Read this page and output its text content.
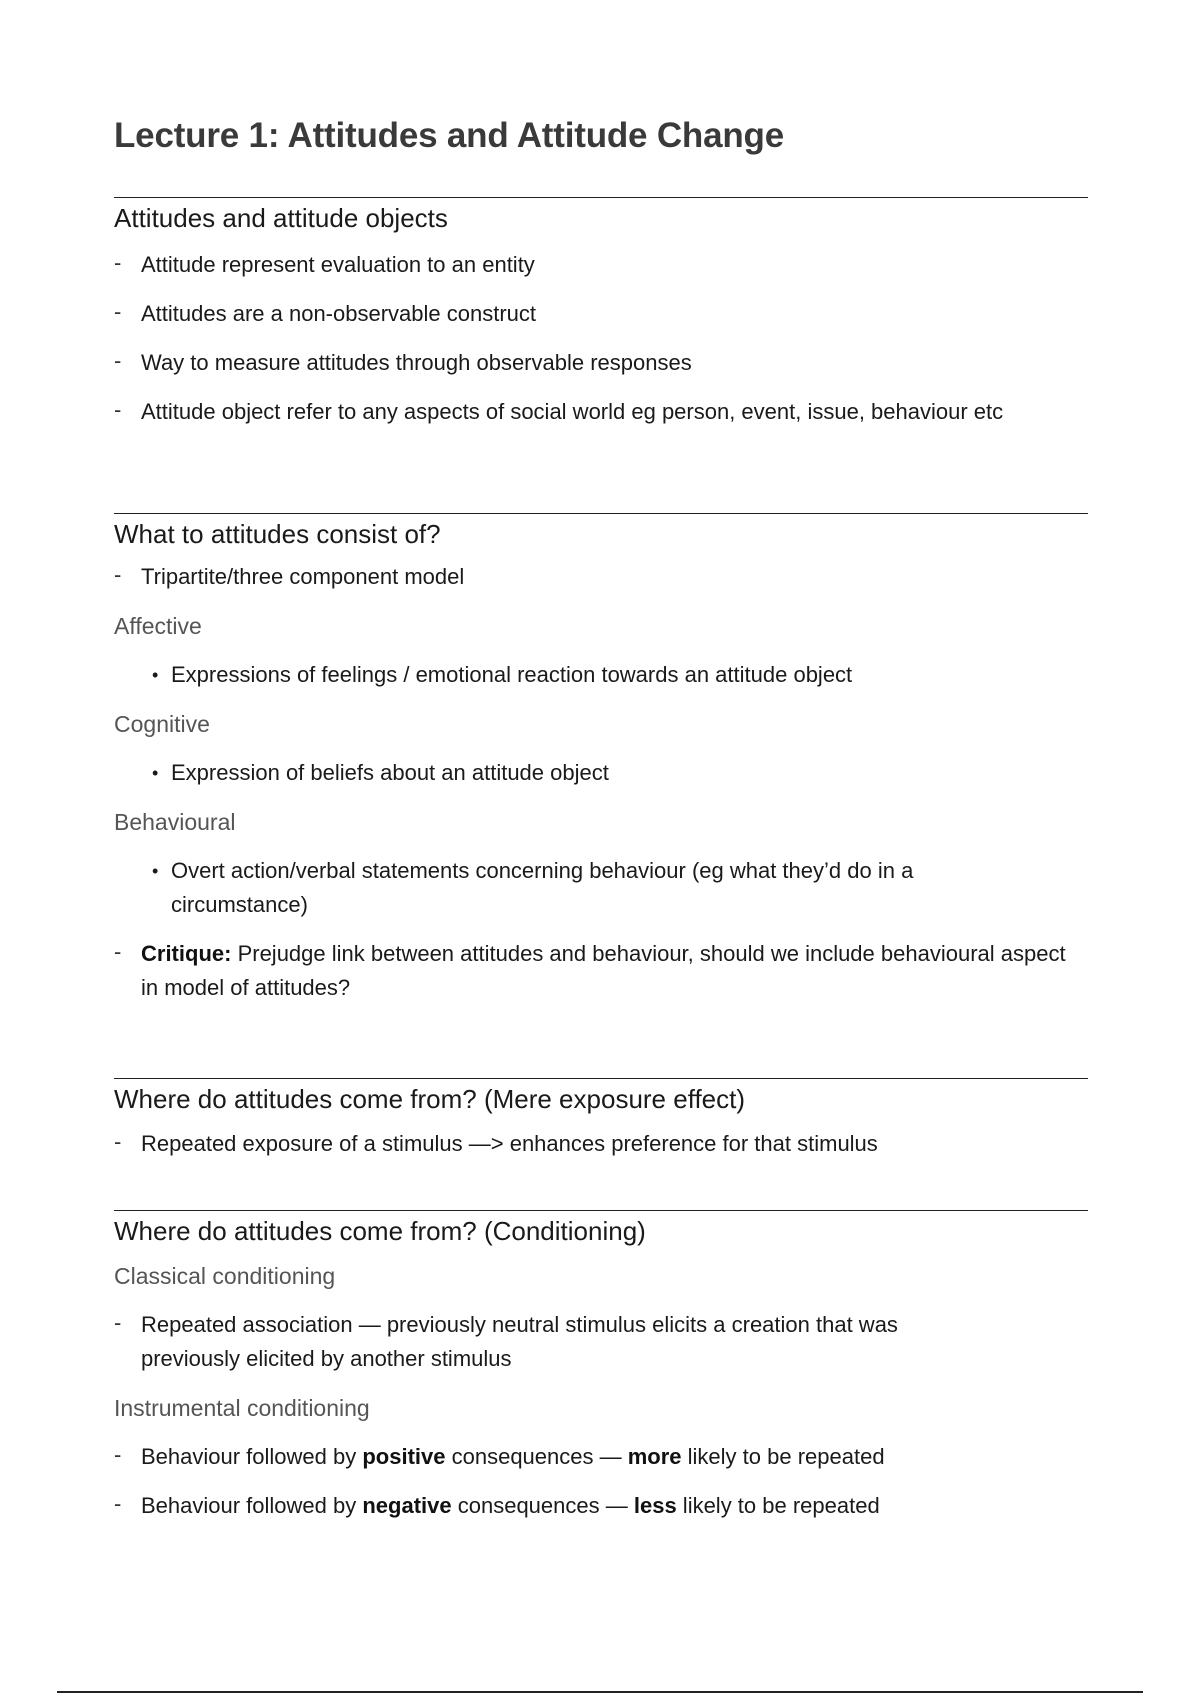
Lecture 1: Attitudes and Attitude Change
Attitudes and attitude objects
- Attitude represent evaluation to an entity
- Attitudes are a non-observable construct
- Way to measure attitudes through observable responses
- Attitude object refer to any aspects of social world eg person, event, issue, behaviour etc
What to attitudes consist of?
- Tripartite/three component model
Affective
• Expressions of feelings / emotional reaction towards an attitude object
Cognitive
• Expression of beliefs about an attitude object
Behavioural
• Overt action/verbal statements concerning behaviour (eg what they’d do in a circumstance)
- Critique: Prejudge link between attitudes and behaviour, should we include behavioural aspect in model of attitudes?
Where do attitudes come from? (Mere exposure effect)
- Repeated exposure of a stimulus —> enhances preference for that stimulus
Where do attitudes come from? (Conditioning)
Classical conditioning
- Repeated association — previously neutral stimulus elicits a creation that was previously elicited by another stimulus
Instrumental conditioning
- Behaviour followed by positive consequences — more likely to be repeated
- Behaviour followed by negative consequences — less likely to be repeated
